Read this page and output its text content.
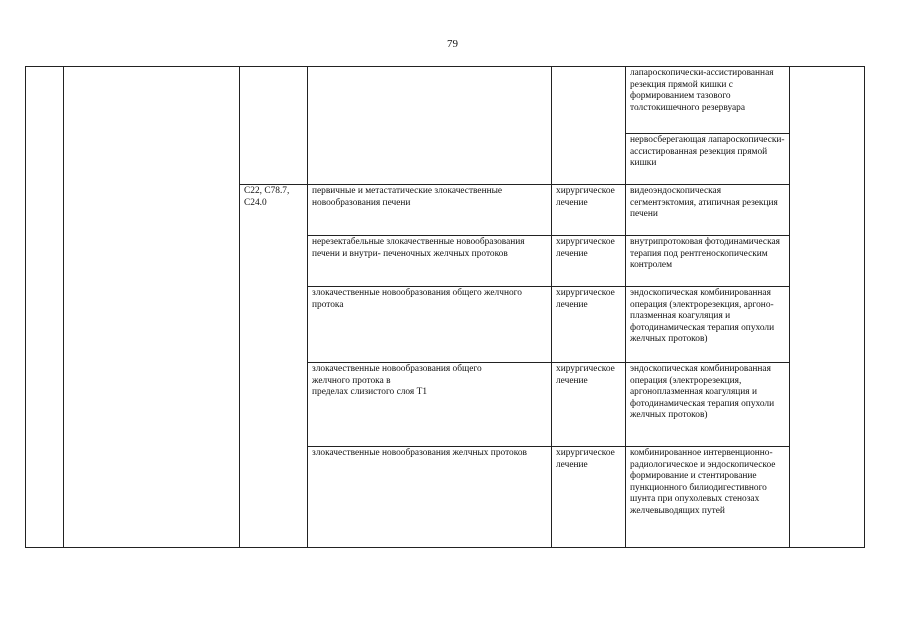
79
					лапароскопически-ассистированная резекция прямой кишки с формированием тазового толстокишечного резервуара	
					нервосберегающая лапароскопически-ассистированная резекция прямой кишки	
		C22, C78.7, C24.0	первичные и метастатические злокачественные новообразования печени	хирургическое лечение	видеоэндоскопическая сегментэктомия, атипичная резекция печени	
			нерезектабельные злокачественные новообразования печени и внутри- печеночных желчных протоков	хирургическое лечение	внутрипротоковая фотодинамическая терапия под рентгеноскопическим контролем	
			злокачественные новообразования общего желчного протока	хирургическое лечение	эндоскопическая комбинированная операция (электрорезекция, аргоно-плазменная коагуляция и фотодинамическая терапия опухоли желчных протоков)	

			злокачественные новообразования общего
желчного протока в
пределах слизистого слоя T1	хирургическое лечение	эндоскопическая комбинированная операция (электрорезекция, аргоноплазменная коагуляция и фотодинамическая терапия опухоли желчных протоков)	
			злокачественные новообразования желчных протоков	хирургическое лечение	комбинированное интервенционно-радиологическое и эндоскопическое формирование и стентирование пункционного билиодигестивного шунта при опухолевых стенозах желчевыводящих путей	
